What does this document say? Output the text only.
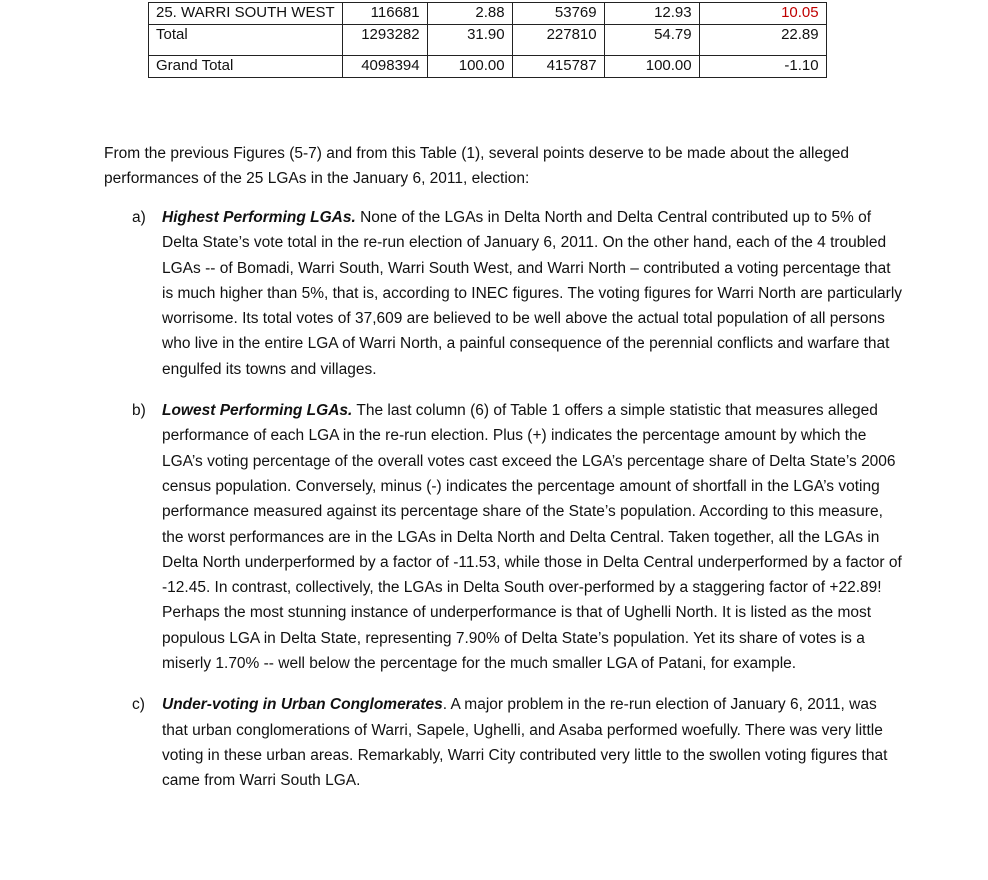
25. WARRI SOUTH WEST	116681	2.88	53769	12.93	10.05
Total	1293282	31.90	227810	54.79	22.89
Grand Total	4098394	100.00	415787	100.00	-1.10

From the previous Figures (5-7) and from this Table (1), several points deserve to be made about the alleged performances of the 25 LGAs in the January 6, 2011, election:

a) Highest Performing LGAs. None of the LGAs in Delta North and Delta Central contributed up to 5% of Delta State’s vote total in the re-run election of January 6, 2011. On the other hand, each of the 4 troubled LGAs -- of Bomadi, Warri South, Warri South West, and Warri North – contributed a voting percentage that is much higher than 5%, that is, according to INEC figures. The voting figures for Warri North are particularly worrisome. Its total votes of 37,609 are believed to be well above the actual total population of all persons who live in the entire LGA of Warri North, a painful consequence of the perennial conflicts and warfare that engulfed its towns and villages.

b) Lowest Performing LGAs. The last column (6) of Table 1 offers a simple statistic that measures alleged performance of each LGA in the re-run election. Plus (+) indicates the percentage amount by which the LGA’s voting percentage of the overall votes cast exceed the LGA’s percentage share of Delta State’s 2006 census population. Conversely, minus (-) indicates the percentage amount of shortfall in the LGA’s voting performance measured against its percentage share of the State’s population. According to this measure, the worst performances are in the LGAs in Delta North and Delta Central. Taken together, all the LGAs in Delta North underperformed by a factor of -11.53, while those in Delta Central underperformed by a factor of -12.45. In contrast, collectively, the LGAs in Delta South over-performed by a staggering factor of +22.89! Perhaps the most stunning instance of underperformance is that of Ughelli North. It is listed as the most populous LGA in Delta State, representing 7.90% of Delta State’s population. Yet its share of votes is a miserly 1.70% -- well below the percentage for the much smaller LGA of Patani, for example.

c) Under-voting in Urban Conglomerates. A major problem in the re-run election of January 6, 2011, was that urban conglomerations of Warri, Sapele, Ughelli, and Asaba performed woefully. There was very little voting in these urban areas. Remarkably, Warri City contributed very little to the swollen voting figures that came from Warri South LGA.
